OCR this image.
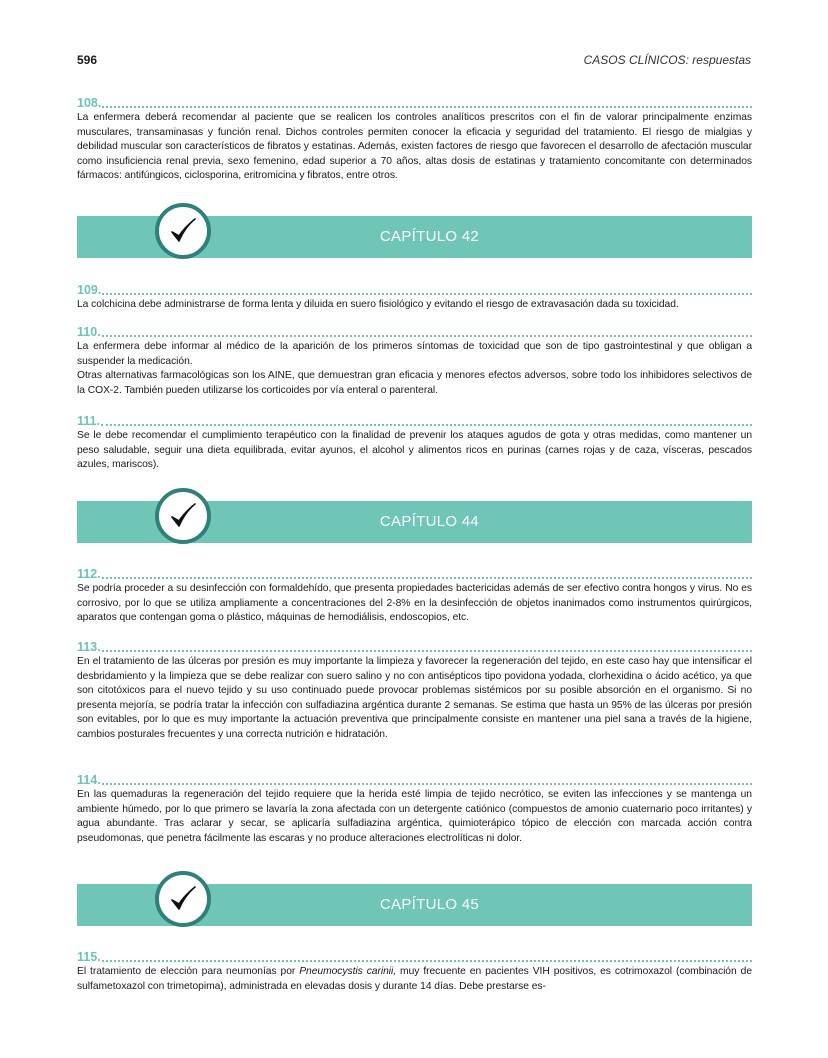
596	CASOS CLÍNICOS: respuestas
108.

La enfermera deberá recomendar al paciente que se realicen los controles analíticos prescritos con el fin de valorar principalmente enzimas musculares, transaminasas y función renal. Dichos controles permiten conocer la eficacia y seguridad del tratamiento. El riesgo de mialgias y debilidad muscular son característicos de fibratos y estatinas. Además, existen factores de riesgo que favorecen el desarrollo de afectación muscular como insuficiencia renal previa, sexo femenino, edad superior a 70 años, altas dosis de estatinas y tratamiento concomitante con determinados fármacos: antifúngicos, ciclosporina, eritromicina y fibratos, entre otros.

CAPÍTULO 42
109.

La colchicina debe administrarse de forma lenta y diluida en suero fisiológico y evitando el riesgo de extravasación dada su toxicidad.

110.

La enfermera debe informar al médico de la aparición de los primeros síntomas de toxicidad que son de tipo gastrointestinal y que obligan a suspender la medicación.

Otras alternativas farmacológicas son los AINE, que demuestran gran eficacia y menores efectos adversos, sobre todo los inhibidores selectivos de la COX-2. También pueden utilizarse los corticoides por vía enteral o parenteral.

111.

Se le debe recomendar el cumplimiento terapéutico con la finalidad de prevenir los ataques agudos de gota y otras medidas, como mantener un peso saludable, seguir una dieta equilibrada, evitar ayunos, el alcohol y alimentos ricos en purinas (carnes rojas y de caza, vísceras, pescados azules, mariscos).

CAPÍTULO 44
112.

Se podría proceder a su desinfección con formaldehído, que presenta propiedades bactericidas además de ser efectivo contra hongos y virus. No es corrosivo, por lo que se utiliza ampliamente a concentraciones del 2-8% en la desinfección de objetos inanimados como instrumentos quirúrgicos, aparatos que contengan goma o plástico, máquinas de hemodiálisis, endoscopios, etc.

113.

En el tratamiento de las úlceras por presión es muy importante la limpieza y favorecer la regeneración del tejido, en este caso hay que intensificar el desbridamiento y la limpieza que se debe realizar con suero salino y no con antisépticos tipo povidona yodada, clorhexidina o ácido acético, ya que son citotóxicos para el nuevo tejido y su uso continuado puede provocar problemas sistémicos por su posible absorción en el organismo. Si no presenta mejoría, se podría tratar la infección con sulfadiazina argéntica durante 2 semanas. Se estima que hasta un 95% de las úlceras por presión son evitables, por lo que es muy importante la actuación preventiva que principalmente consiste en mantener una piel sana a través de la higiene, cambios posturales frecuentes y una correcta nutrición e hidratación.

114.

En las quemaduras la regeneración del tejido requiere que la herida esté limpia de tejido necrótico, se eviten las infecciones y se mantenga un ambiente húmedo, por lo que primero se lavaría la zona afectada con un detergente catiónico (compuestos de amonio cuaternario poco irritantes) y agua abundante. Tras aclarar y secar, se aplicaría sulfadiazina argéntica, quimioterápico tópico de elección con marcada acción contra pseudomonas, que penetra fácilmente las escaras y no produce alteraciones electrolíticas ni dolor.

CAPÍTULO 45
115.

El tratamiento de elección para neumonías por Pneumocystis carinii, muy frecuente en pacientes VIH positivos, es cotrimoxazol (combinación de sulfametoxazol con trimetopima), administrada en elevadas dosis y durante 14 días. Debe prestarse es-
